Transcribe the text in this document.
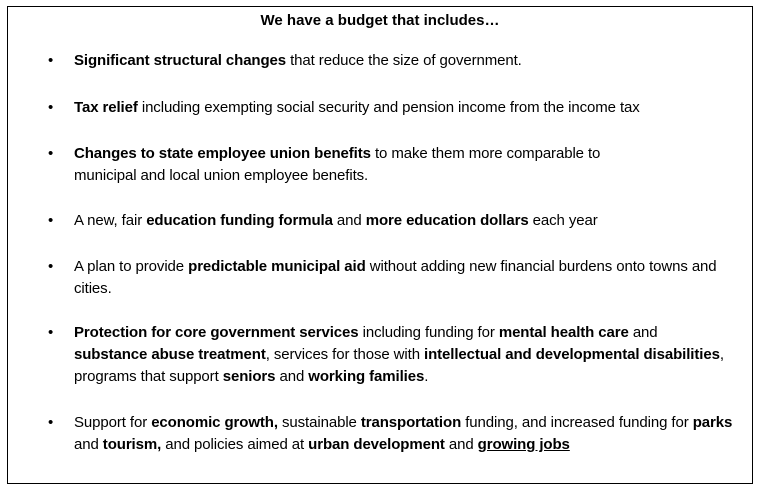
We have a budget that includes…
• Significant structural changes that reduce the size of government.
• Tax relief including exempting social security and pension income from the income tax
• Changes to state employee union benefits to make them more comparable to municipal and local union employee benefits.
• A new, fair education funding formula and more education dollars each year
• A plan to provide predictable municipal aid without adding new financial burdens onto towns and cities.
• Protection for core government services including funding for mental health care and substance abuse treatment, services for those with intellectual and developmental disabilities, programs that support seniors and working families.
• Support for economic growth, sustainable transportation funding, and increased funding for parks and tourism, and policies aimed at urban development and growing jobs
